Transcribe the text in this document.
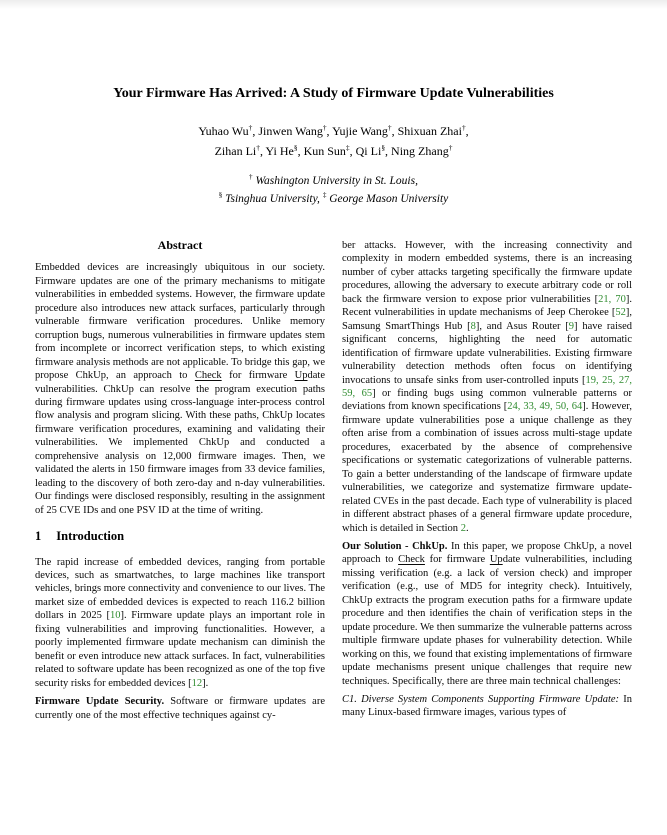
Your Firmware Has Arrived: A Study of Firmware Update Vulnerabilities
Yuhao Wu†, Jinwen Wang†, Yujie Wang†, Shixuan Zhai†,
Zihan Li†, Yi He§, Kun Sun‡, Qi Li§, Ning Zhang†
† Washington University in St. Louis,
§ Tsinghua University, ‡ George Mason University
Abstract

Embedded devices are increasingly ubiquitous in our society. Firmware updates are one of the primary mechanisms to mitigate vulnerabilities in embedded systems. However, the firmware update procedure also introduces new attack surfaces, particularly through vulnerable firmware verification procedures. Unlike memory corruption bugs, numerous vulnerabilities in firmware updates stem from incomplete or incorrect verification steps, to which existing firmware analysis methods are not applicable. To bridge this gap, we propose ChkUp, an approach to Check for firmware Update vulnerabilities. ChkUp can resolve the program execution paths during firmware updates using cross-language inter-process control flow analysis and program slicing. With these paths, ChkUp locates firmware verification procedures, examining and validating their vulnerabilities. We implemented ChkUp and conducted a comprehensive analysis on 12,000 firmware images. Then, we validated the alerts in 150 firmware images from 33 device families, leading to the discovery of both zero-day and n-day vulnerabilities. Our findings were disclosed responsibly, resulting in the assignment of 25 CVE IDs and one PSV ID at the time of writing.

1 Introduction

The rapid increase of embedded devices, ranging from portable devices, such as smartwatches, to large machines like transport vehicles, brings more connectivity and convenience to our lives. The market size of embedded devices is expected to reach 116.2 billion dollars in 2025 [10]. Firmware update plays an important role in fixing vulnerabilities and improving functionalities. However, a poorly implemented firmware update mechanism can diminish the benefit or even introduce new attack surfaces. In fact, vulnerabilities related to software update has been recognized as one of the top five security risks for embedded devices [12].

Firmware Update Security. Software or firmware updates are currently one of the most effective techniques against cy-

ber attacks. However, with the increasing connectivity and complexity in modern embedded systems, there is an increasing number of cyber attacks targeting specifically the firmware update procedures, allowing the adversary to execute arbitrary code or roll back the firmware version to expose prior vulnerabilities [21, 70]. Recent vulnerabilities in update mechanisms of Jeep Cherokee [52], Samsung SmartThings Hub [8], and Asus Router [9] have raised significant concerns, highlighting the need for automatic identification of firmware update vulnerabilities. Existing firmware vulnerability detection methods often focus on identifying invocations to unsafe sinks from user-controlled inputs [19, 25, 27, 59, 65] or finding bugs using common vulnerable patterns or deviations from known specifications [24, 33, 49, 50, 64]. However, firmware update vulnerabilities pose a unique challenge as they often arise from a combination of issues across multi-stage update procedures, exacerbated by the absence of comprehensive specifications or systematic categorizations of vulnerable patterns. To gain a better understanding of the landscape of firmware update vulnerabilities, we categorize and systematize firmware update-related CVEs in the past decade. Each type of vulnerability is placed in different abstract phases of a general firmware update procedure, which is detailed in Section 2.

Our Solution - ChkUp. In this paper, we propose ChkUp, a novel approach to Check for firmware Update vulnerabilities, including missing verification (e.g. a lack of version check) and improper verification (e.g., use of MD5 for integrity check). Intuitively, ChkUp extracts the program execution paths for a firmware update procedure and then identifies the chain of verification steps in the update procedure. We then summarize the vulnerable patterns across multiple firmware update phases for vulnerability detection. While working on this, we found that existing implementations of firmware update mechanisms present unique challenges that require new techniques. Specifically, there are three main technical challenges:

C1. Diverse System Components Supporting Firmware Update: In many Linux-based firmware images, various types of
